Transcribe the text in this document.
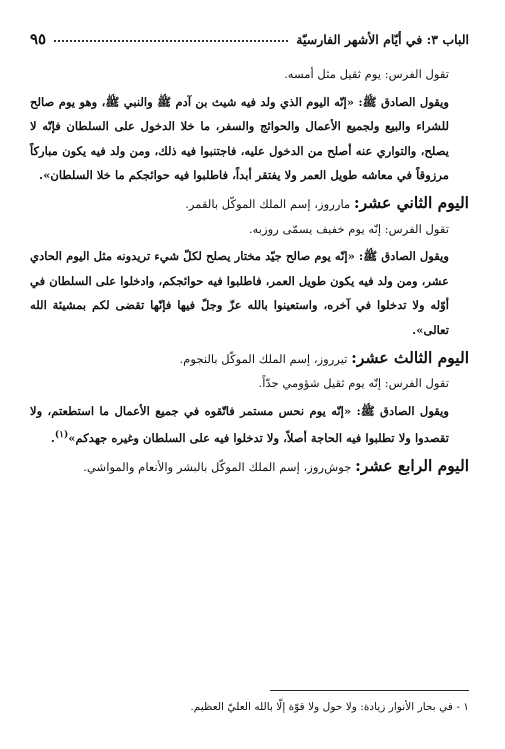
الباب ٣: في أيّام الأشهر الفارسيّة
٩٥

تقول الفرس: يوم ثقيل مثل أمسه.

ويقول الصادق ﷺ: «إنّه اليوم الذي ولد فيه شيث بن آدم ﷺ والنبي ﷺ، وهو يوم صالح للشراء والبيع ولجميع الأعمال والحوائج والسفر، ما خلا الدخول على السلطان فإنّه لا يصلح، والتواري عنه أصلح من الدخول عليه، فاجتنبوا فيه ذلك، ومن ولد فيه يكون مباركاً مرزوقاً في معاشه طويل العمر ولا يفتقر أبداً، فاطلبوا فيه حوائجكم ما خلا السلطان».

اليوم الثاني عشر: مارروز، إسم الملك الموكّل بالقمر.

تقول الفرس: إنّه يوم خفيف يسمّى روزبه.

ويقول الصادق ﷺ: «إنّه يوم صالح جيّد مختار يصلح لكلّ شيء تريدونه مثل اليوم الحادي عشر، ومن ولد فيه يكون طويل العمر، فاطلبوا فيه حوائجكم، وادخلوا على السلطان في أوّله ولا تدخلوا في آخره، واستعينوا بالله عزّ وجلّ فيها فإنّها تقضى لكم بمشيئة الله تعالى».

اليوم الثالث عشر: تيرروز، إسم الملك الموكّل بالنجوم.

تقول الفرس: إنّه يوم ثقيل شؤومي جدّاً.

ويقول الصادق ﷺ: «إنّه يوم نحس مستمر فاتّقوه في جميع الأعمال ما استطعتم، ولا تقصدوا ولا تطلبوا فيه الحاجة أصلاً، ولا تدخلوا فيه على السلطان وغيره جهدكم»$^{(١)}$.

اليوم الرابع عشر: جوش‌روز، إسم الملك الموكّل بالبشر والأنعام والمواشي.

١ - في بحار الأنوار زيادة: ولا حول ولا قوّة إلّا بالله العليّ العظيم.
